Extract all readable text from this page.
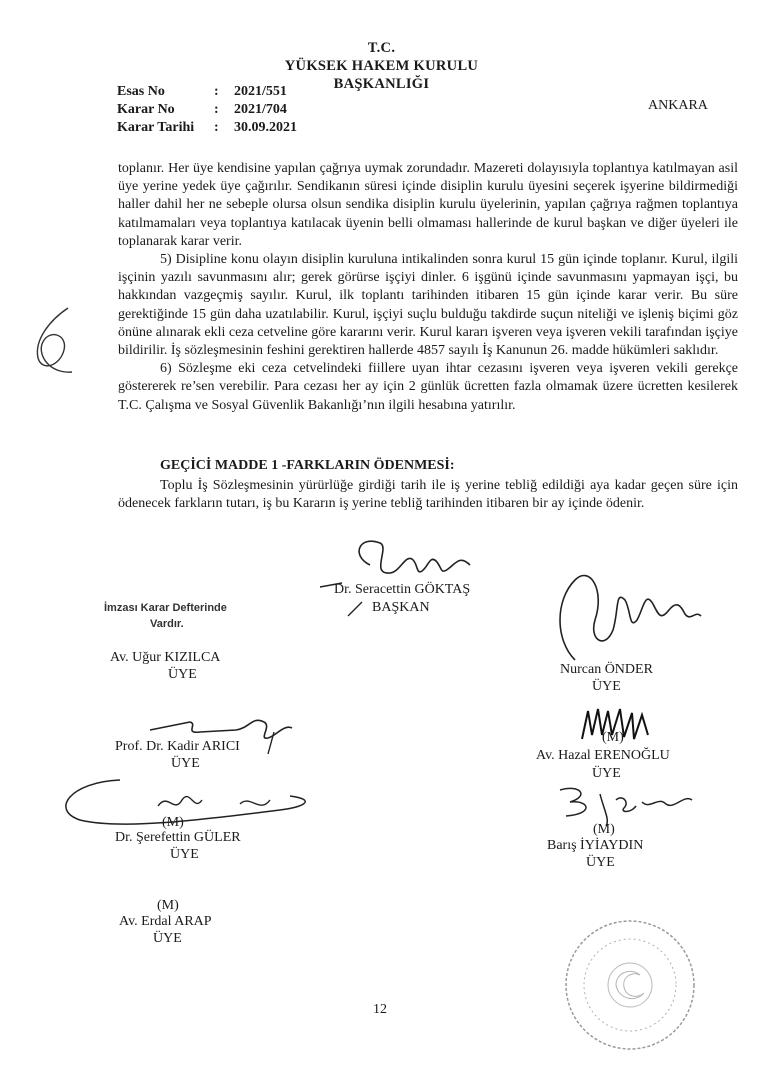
T.C.
YÜKSEK HAKEM KURULU
BAŞKANLIĞI
Esas No	: 2021/551
Karar No	: 2021/704
Karar Tarihi : 30.09.2021
ANKARA

toplanır. Her üye kendisine yapılan çağrıya uymak zorundadır. Mazereti dolayısıyla toplantıya katılmayan asil üye yerine yedek üye çağırılır. Sendikanın süresi içinde disiplin kurulu üyesini seçerek işyerine bildirmediği haller dahil her ne sebeple olursa olsun sendika disiplin kurulu üyelerinin, yapılan çağrıya rağmen toplantıya katılmamaları veya toplantıya katılacak üyenin belli olmaması hallerinde de kurul başkan ve diğer üyeleri ile toplanarak karar verir.

5) Disipline konu olayın disiplin kuruluna intikalinden sonra kurul 15 gün içinde toplanır. Kurul, ilgili işçinin yazılı savunmasını alır; gerek görürse işçiyi dinler. 6 işgünü içinde savunmasını yapmayan işçi, bu hakkından vazgeçmiş sayılır. Kurul, ilk toplantı tarihinden itibaren 15 gün içinde karar verir. Bu süre gerektiğinde 15 gün daha uzatılabilir. Kurul, işçiyi suçlu bulduğu takdirde suçun niteliği ve işleniş biçimi göz önüne alınarak ekli ceza cetveline göre kararını verir. Kurul kararı işveren veya işveren vekili tarafından işçiye bildirilir. İş sözleşmesinin feshini gerektiren hallerde 4857 sayılı İş Kanunun 26. madde hükümleri saklıdır.

6) Sözleşme eki ceza cetvelindeki fiillere uyan ihtar cezasını işveren veya işveren vekili gerekçe göstererek re’sen verebilir. Para cezası her ay için 2 günlük ücretten fazla olmamak üzere ücretten kesilerek T.C. Çalışma ve Sosyal Güvenlik Bakanlığı’nın ilgili hesabına yatırılır.

GEÇİCİ MADDE 1 -FARKLARIN ÖDENMESİ:

Toplu İş Sözleşmesinin yürürlüğe girdiği tarih ile iş yerine tebliğ edildiği aya kadar geçen süre için ödenecek farkların tutarı, iş bu Kararın iş yerine tebliğ tarihinden itibaren bir ay içinde ödenir.

Dr. Seracettin GÖKTAŞ
BAŞKAN
İmzası Karar Defterinde
Vardır.
Av. Uğur KIZILCA
ÜYE	Nurcan ÖNDER
ÜYE
Prof. Dr. Kadir ARICI
ÜYE
(M)
Av. Hazal ERENOĞLU
ÜYE
(M)
Dr. Şerefettin GÜLER
ÜYE
(M)
Barış İYİAYDIN
ÜYE
(M)
Av. Erdal ARAP
ÜYE
12
